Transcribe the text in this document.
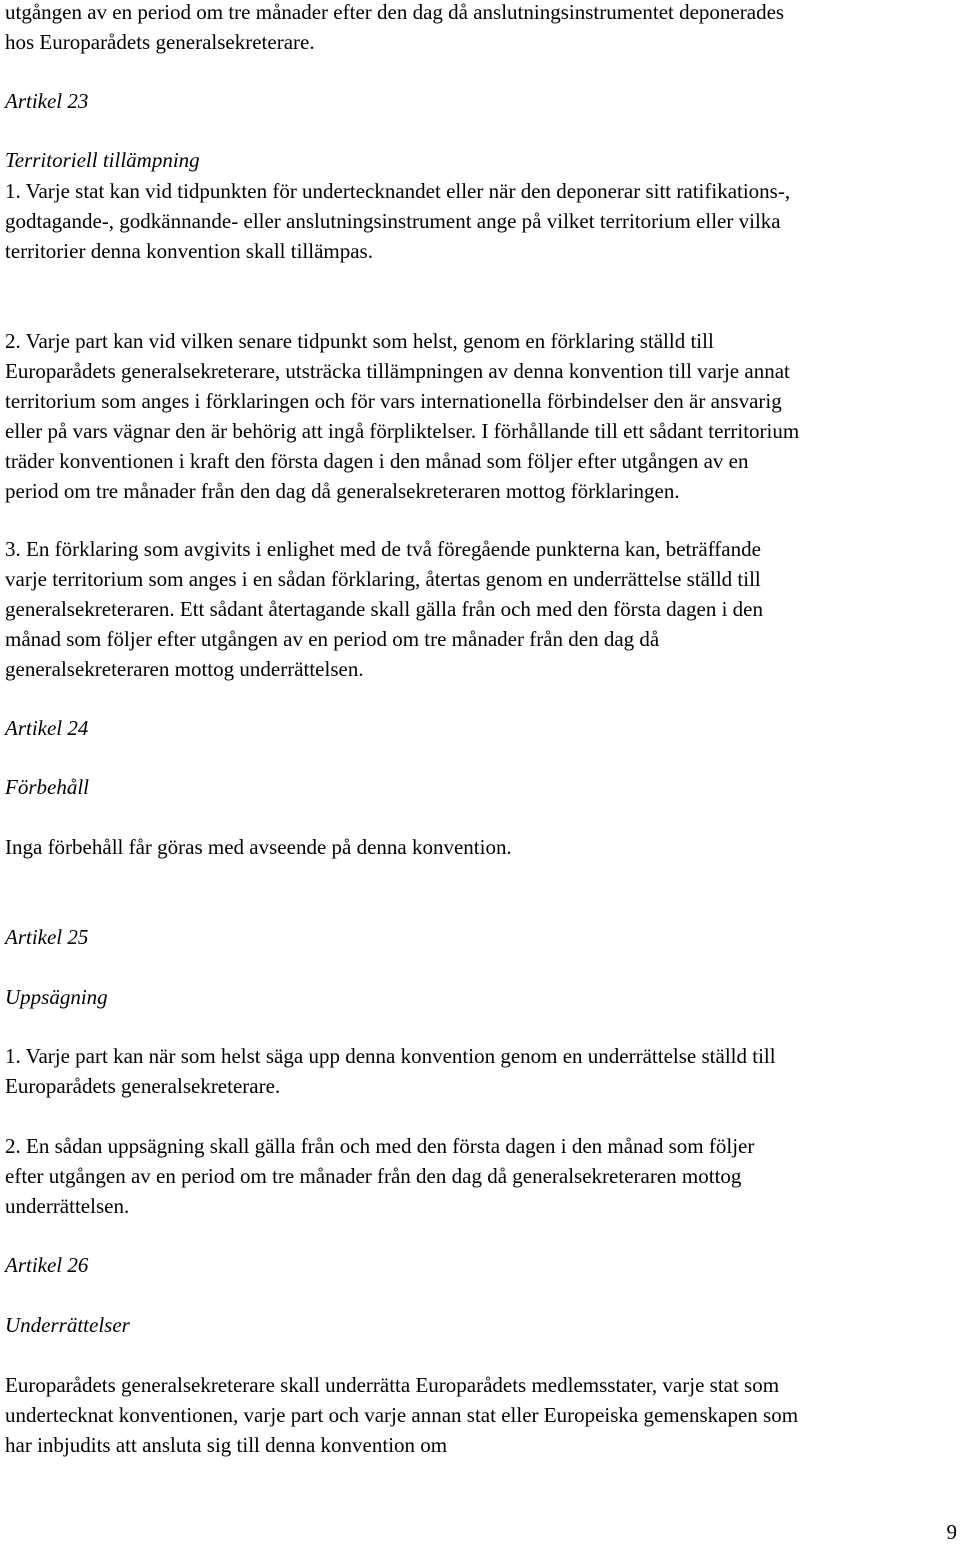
utgången av en period om tre månader efter den dag då anslutningsinstrumentet deponerades
hos Europarådets generalsekreterare.

Artikel 23

Territoriell tillämpning

1. Varje stat kan vid tidpunkten för undertecknandet eller när den deponerar sitt ratifikations-,
godtagande-, godkännande- eller anslutningsinstrument ange på vilket territorium eller vilka
territorier denna konvention skall tillämpas.
2. Varje part kan vid vilken senare tidpunkt som helst, genom en förklaring ställd till
Europarådets generalsekreterare, utsträcka tillämpningen av denna konvention till varje annat
territorium som anges i förklaringen och för vars internationella förbindelser den är ansvarig
eller på vars vägnar den är behörig att ingå förpliktelser. I förhållande till ett sådant territorium
träder konventionen i kraft den första dagen i den månad som följer efter utgången av en
period om tre månader från den dag då generalsekreteraren mottog förklaringen.
3. En förklaring som avgivits i enlighet med de två föregående punkterna kan, beträffande
varje territorium som anges i en sådan förklaring, återtas genom en underrättelse ställd till
generalsekreteraren. Ett sådant återtagande skall gälla från och med den första dagen i den
månad som följer efter utgången av en period om tre månader från den dag då
generalsekreteraren mottog underrättelsen.

Artikel 24

Förbehåll

Inga förbehåll får göras med avseende på denna konvention.

Artikel 25

Uppsägning

1. Varje part kan när som helst säga upp denna konvention genom en underrättelse ställd till
Europarådets generalsekreterare.
2. En sådan uppsägning skall gälla från och med den första dagen i den månad som följer
efter utgången av en period om tre månader från den dag då generalsekreteraren mottog
underrättelsen.

Artikel 26

Underrättelser

Europarådets generalsekreterare skall underrätta Europarådets medlemsstater, varje stat som
undertecknat konventionen, varje part och varje annan stat eller Europeiska gemenskapen som
har inbjudits att ansluta sig till denna konvention om

9
